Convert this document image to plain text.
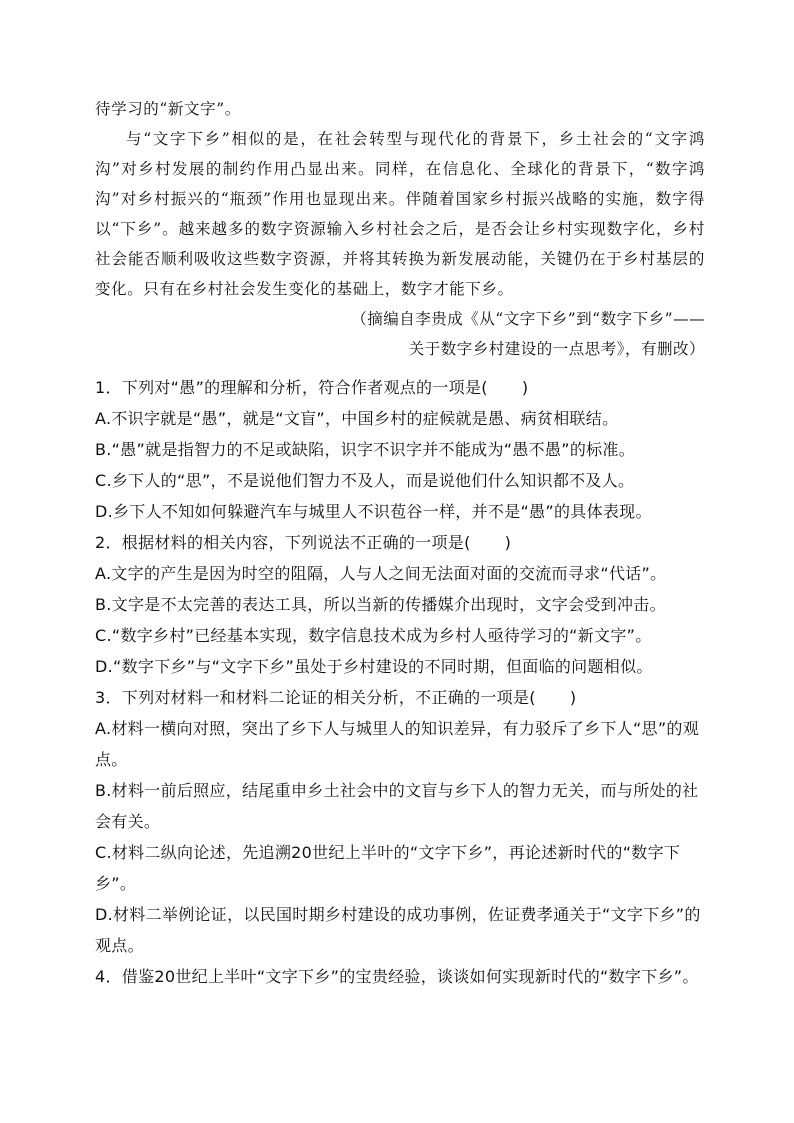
待学习的“新文字”。

与“文字下乡”相似的是，在社会转型与现代化的背景下，乡土社会的“文字鸿沟”对乡村发展的制约作用凸显出来。同样，在信息化、全球化的背景下，“数字鸿沟”对乡村振兴的“瓶颈”作用也显现出来。伴随着国家乡村振兴战略的实施，数字得以“下乡”。越来越多的数字资源输入乡村社会之后，是否会让乡村实现数字化，乡村社会能否顺利吸收这些数字资源，并将其转换为新发展动能，关键仍在于乡村基层的变化。只有在乡村社会发生变化的基础上，数字才能下乡。

（摘编自李贵成《从“文字下乡”到“数字下乡”——
关于数字乡村建设的一点思考》，有删改）

1．下列对“愚”的理解和分析，符合作者观点的一项是( )

A.不识字就是“愚”，就是“文盲”，中国乡村的症候就是愚、病贫相联结。

B.“愚”就是指智力的不足或缺陷，识字不识字并不能成为“愚不愚”的标准。

C.乡下人的“思”，不是说他们智力不及人，而是说他们什么知识都不及人。

D.乡下人不知如何躲避汽车与城里人不识苞谷一样，并不是“愚”的具体表现。

2．根据材料的相关内容，下列说法不正确的一项是( )

A.文字的产生是因为时空的阻隔，人与人之间无法面对面的交流而寻求“代话”。

B.文字是不太完善的表达工具，所以当新的传播媒介出现时，文字会受到冲击。

C.“数字乡村”已经基本实现，数字信息技术成为乡村人亟待学习的“新文字”。

D.“数字下乡”与“文字下乡”虽处于乡村建设的不同时期，但面临的问题相似。

3．下列对材料一和材料二论证的相关分析，不正确的一项是( )

A.材料一横向对照，突出了乡下人与城里人的知识差异，有力驳斥了乡下人“思”的观点。

B.材料一前后照应，结尾重申乡土社会中的文盲与乡下人的智力无关，而与所处的社会有关。

C.材料二纵向论述，先追溯20世纪上半叶的“文字下乡”，再论述新时代的“数字下乡”。

D.材料二举例论证，以民国时期乡村建设的成功事例，佐证费孝通关于“文字下乡”的观点。

4．借鉴20世纪上半叶“文字下乡”的宝贵经验，谈谈如何实现新时代的“数字下乡”。
